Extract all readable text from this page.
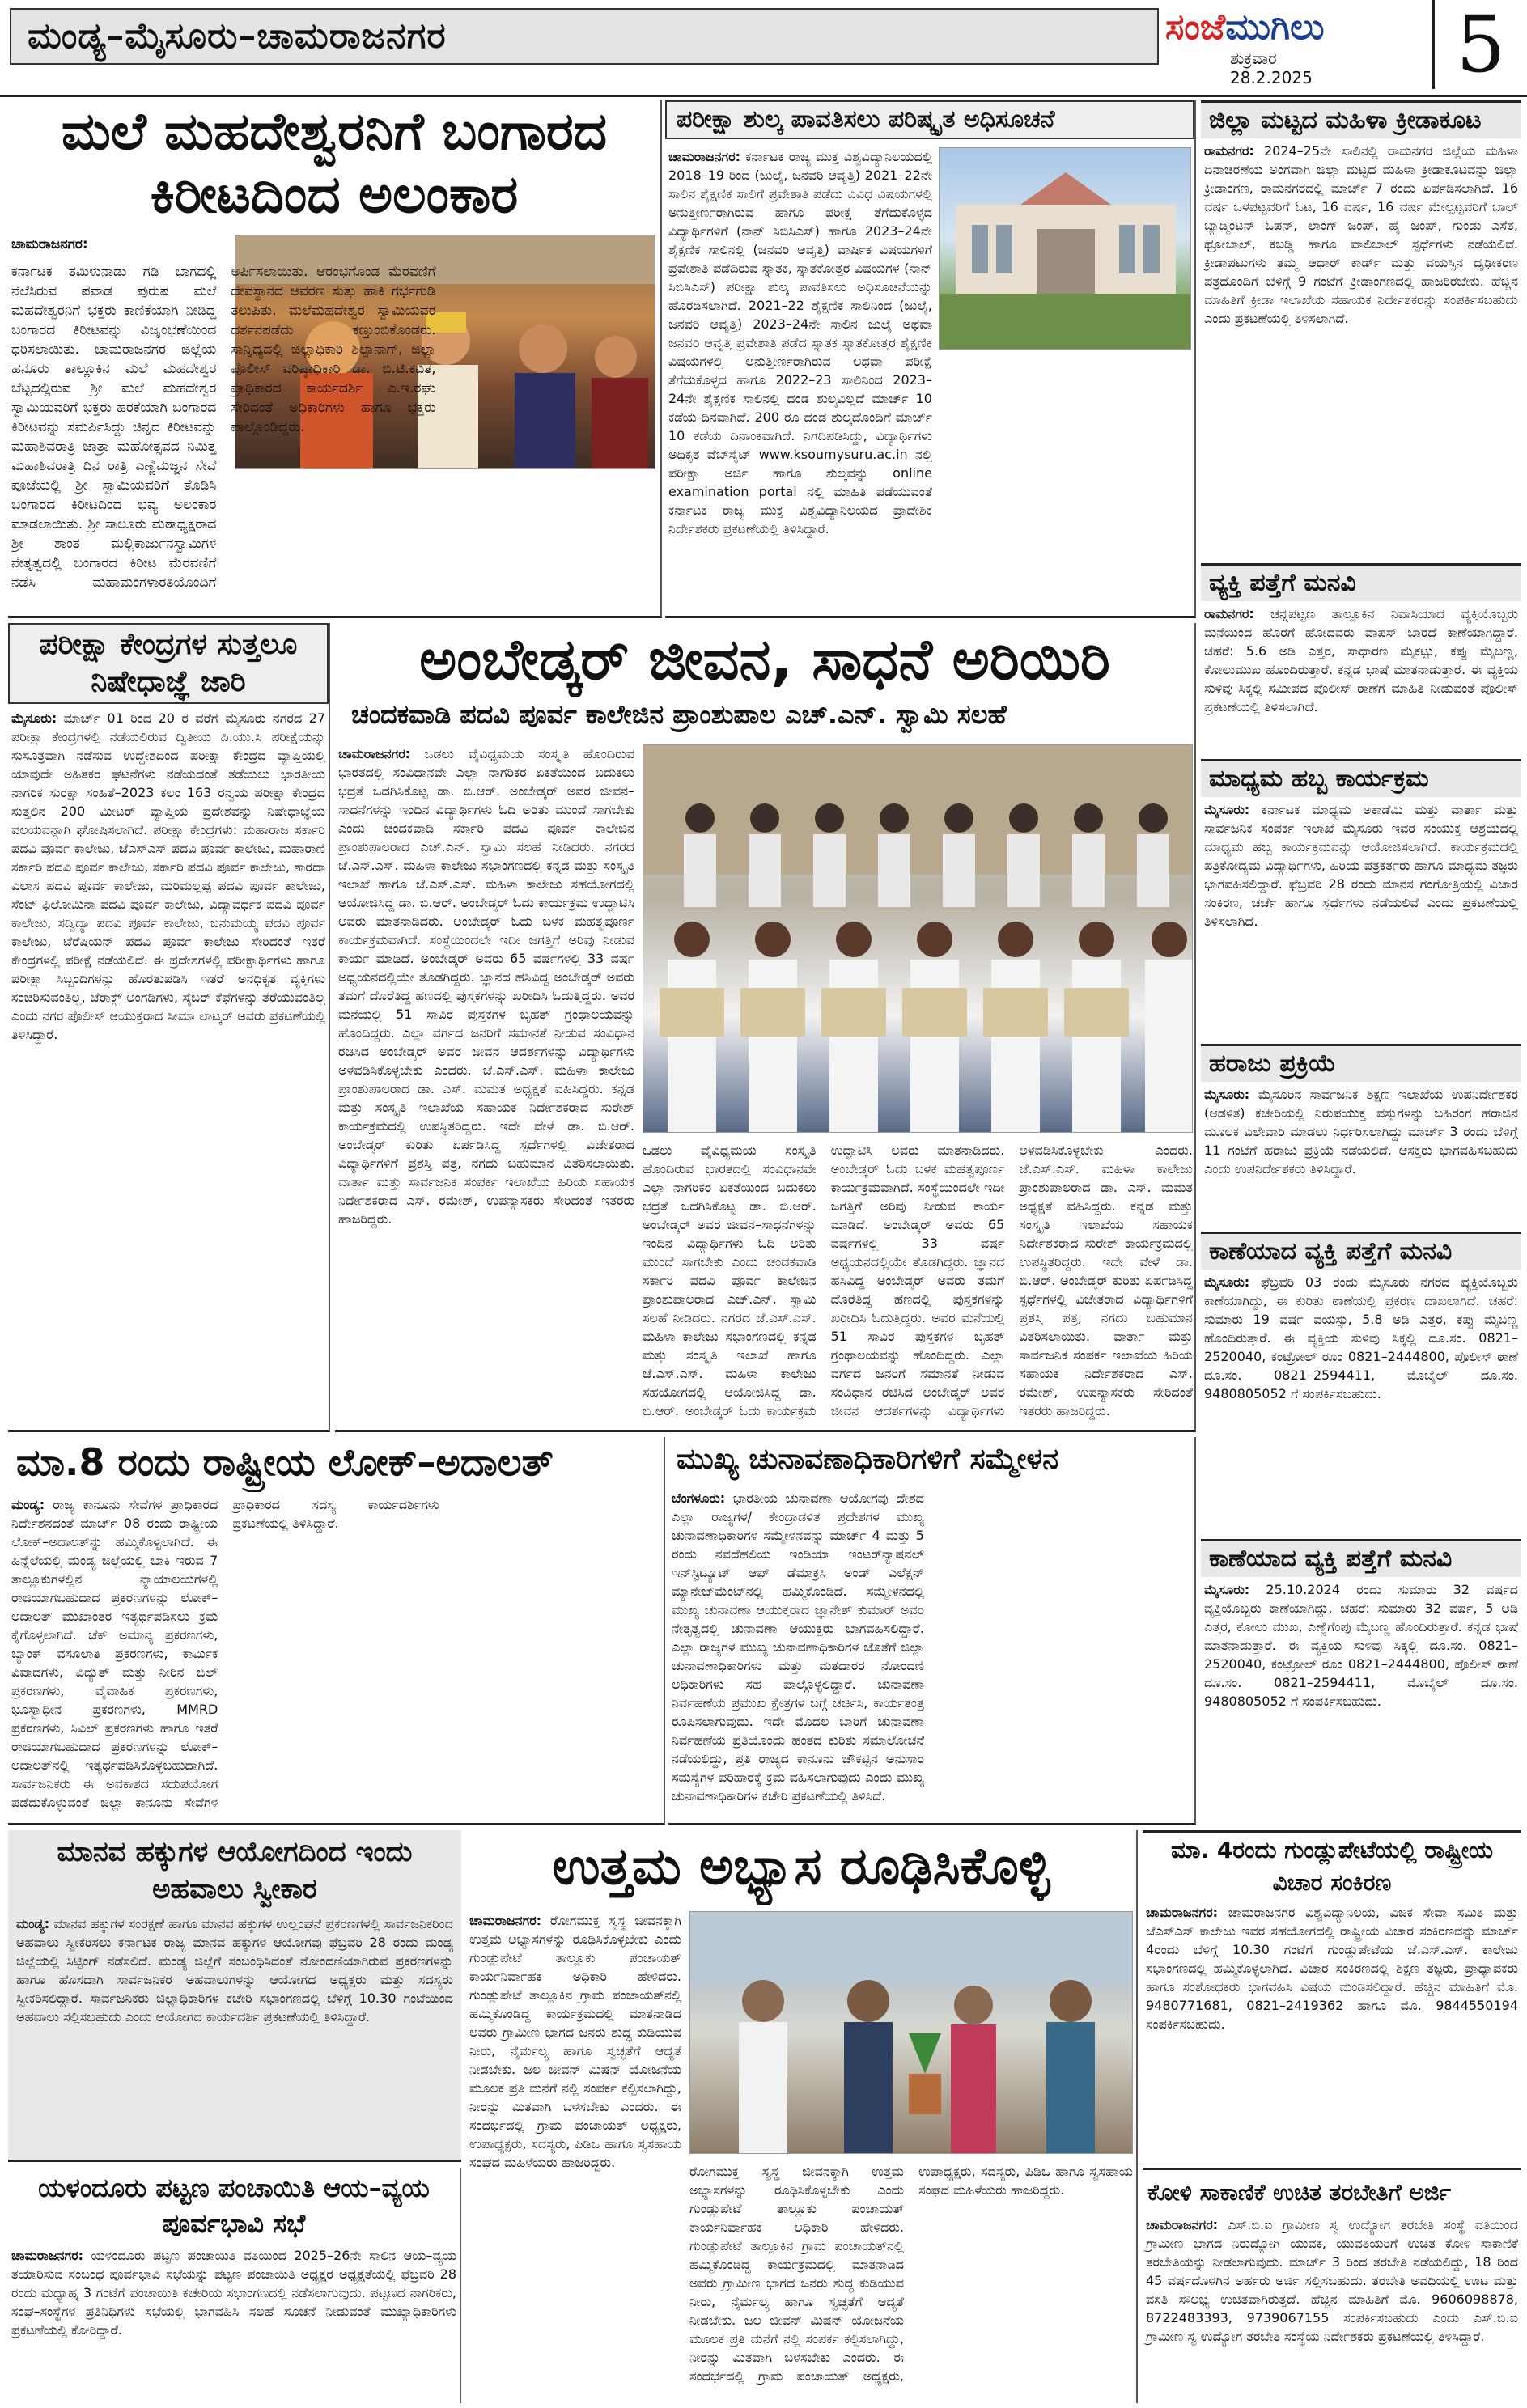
ಮಂಡ್ಯ–ಮೈಸೂರು–ಚಾಮರಾಜನಗರ	ಸಂಜೆಮುಗಿಲು
ಶುಕ್ರವಾರ
28.2.2025	5
ಮಲೆ ಮಹದೇಶ್ವರನಿಗೆ ಬಂಗಾರದ ಕಿರೀಟದಿಂದ ಅಲಂಕಾರ
ಚಾಮರಾಜನಗರ:
ಕರ್ನಾಟಕ ತಮಿಳುನಾಡು ಗಡಿ ಭಾಗದಲ್ಲಿ ನೆಲೆಸಿರುವ ಪವಾಡ ಪುರುಷ ಮಲೆ ಮಹದೇಶ್ವರನಿಗೆ ಭಕ್ತರು ಕಾಣಿಕೆಯಾಗಿ ನೀಡಿದ್ದ ಬಂಗಾರದ ಕಿರೀಟವನ್ನು ವಿಜೃಂಭಣೆಯಿಂದ ಧರಿಸಲಾಯಿತು. ಚಾಮರಾಜನಗರ ಜಿಲ್ಲೆಯ ಹನೂರು ತಾಲ್ಲೂಕಿನ ಮಲೆ ಮಹದೇಶ್ವರ ಬೆಟ್ಟದಲ್ಲಿರುವ ಶ್ರೀ ಮಲೆ ಮಹದೇಶ್ವರ ಸ್ವಾಮಿಯವರಿಗೆ ಭಕ್ತರು ಹರಕೆಯಾಗಿ ಬಂಗಾರದ ಕಿರೀಟವನ್ನು ಸಮರ್ಪಿಸಿದ್ದು ಚಿನ್ನದ ಕಿರೀಟವನ್ನು ಮಹಾಶಿವರಾತ್ರಿ ಜಾತ್ರಾ ಮಹೋತ್ಸವದ ನಿಮಿತ್ತ ಮಹಾಶಿವರಾತ್ರಿ ದಿನ ರಾತ್ರಿ ಎಣ್ಣೆಮಜ್ಜನ ಸೇವೆ ಪೂಜೆಯಲ್ಲಿ ಶ್ರೀ ಸ್ವಾಮಿಯವರಿಗೆ ತೊಡಿಸಿ ಬಂಗಾರದ ಕಿರೀಟದಿಂದ ಭವ್ಯ ಅಲಂಕಾರ ಮಾಡಲಾಯಿತು. ಶ್ರೀ ಸಾಲೂರು ಮಠಾಧ್ಯಕ್ಷರಾದ ಶ್ರೀ ಶಾಂತ ಮಲ್ಲಿಕಾರ್ಜುನಸ್ವಾಮಿಗಳ ನೇತೃತ್ವದಲ್ಲಿ ಬಂಗಾರದ ಕಿರೀಟ ಮೆರವಣಿಗೆ ನಡೆಸಿ ಮಹಾಮಂಗಳಾರತಿಯೊಂದಿಗೆ ಅರ್ಪಿಸಲಾಯಿತು. ಆರಂಭಗೊಂಡ ಮೆರವಣಿಗೆ ದೇವಸ್ಥಾನದ ಆವರಣ ಸುತ್ತು ಹಾಕಿ ಗರ್ಭಗುಡಿ ತಲುಪಿತು. ಮಲೆಮಹದೇಶ್ವರ ಸ್ವಾಮಿಯವರ ದರ್ಶನಪಡೆದು ಕಣ್ತುಂಬಿಕೊಂಡರು. ಸಾನ್ನಿಧ್ಯದಲ್ಲಿ ಜಿಲ್ಲಾಧಿಕಾರಿ ಶಿಲ್ಪಾನಾಗ್, ಜಿಲ್ಲಾ ಪೊಲೀಸ್ ವರಿಷ್ಠಾಧಿಕಾರಿ ಡಾ. ಬಿ.ಟಿ.ಕವಿತ, ಪ್ರಾಧಿಕಾರದ ಕಾರ್ಯದರ್ಶಿ ಎ.ಇ.ರಘು ಸೇರಿದಂತೆ ಅಧಿಕಾರಿಗಳು ಹಾಗೂ ಭಕ್ತರು ಪಾಲ್ಗೊಂಡಿದ್ದರು.
ಪರೀಕ್ಷಾ ಶುಲ್ಕ ಪಾವತಿಸಲು ಪರಿಷ್ಕೃತ ಅಧಿಸೂಚನೆ
ಚಾಮರಾಜನಗರ: ಕರ್ನಾಟಕ ರಾಜ್ಯ ಮುಕ್ತ ವಿಶ್ವವಿದ್ಯಾನಿಲಯದಲ್ಲಿ 2018–19 ರಿಂದ (ಜುಲೈ, ಜನವರಿ ಆವೃತ್ತಿ) 2021–22ನೇ ಸಾಲಿನ ಶೈಕ್ಷಣಿಕ ಸಾಲಿಗೆ ಪ್ರವೇಶಾತಿ ಪಡೆದು ವಿವಿಧ ವಿಷಯಗಳಲ್ಲಿ ಅನುತ್ತೀರ್ಣರಾಗಿರುವ ಹಾಗೂ ಪರೀಕ್ಷೆ ತೆಗೆದುಕೊಳ್ಳದ ವಿದ್ಯಾರ್ಥಿಗಳಿಗೆ (ನಾನ್ ಸಿಬಿಸಿಎಸ್) ಹಾಗೂ 2023–24ನೇ ಶೈಕ್ಷಣಿಕ ಸಾಲಿನಲ್ಲಿ (ಜನವರಿ ಆವೃತ್ತಿ) ವಾರ್ಷಿಕ ವಿಷಯಗಳಿಗೆ ಪ್ರವೇಶಾತಿ ಪಡೆದಿರುವ ಸ್ನಾತಕ, ಸ್ನಾತಕೋತ್ತರ ವಿಷಯಗಳ (ನಾನ್ ಸಿಬಿಸಿಎಸ್) ಪರೀಕ್ಷಾ ಶುಲ್ಕ ಪಾವತಿಸಲು ಅಧಿಸೂಚನೆಯನ್ನು ಹೊರಡಿಸಲಾಗಿದೆ. 2021–22 ಶೈಕ್ಷಣಿಕ ಸಾಲಿನಿಂದ (ಜುಲೈ, ಜನವರಿ ಆವೃತ್ತಿ) 2023–24ನೇ ಸಾಲಿನ ಜುಲೈ ಅಥವಾ ಜನವರಿ ಆವೃತ್ತಿ ಪ್ರವೇಶಾತಿ ಪಡೆದ ಸ್ನಾತಕ ಸ್ನಾತಕೋತ್ತರ ಶೈಕ್ಷಣಿಕ ವಿಷಯಗಳಲ್ಲಿ ಅನುತ್ತೀರ್ಣರಾಗಿರುವ ಅಥವಾ ಪರೀಕ್ಷೆ ತೆಗೆದುಕೊಳ್ಳದ ಹಾಗೂ 2022–23 ಸಾಲಿನಿಂದ 2023–24ನೇ ಶೈಕ್ಷಣಿಕ ಸಾಲಿನಲ್ಲಿ ದಂಡ ಶುಲ್ಕವಿಲ್ಲದೆ ಮಾರ್ಚ್ 10 ಕಡೆಯ ದಿನವಾಗಿದೆ. 200 ರೂ ದಂಡ ಶುಲ್ಕದೊಂದಿಗೆ ಮಾರ್ಚ್ 10 ಕಡೆಯ ದಿನಾಂಕವಾಗಿದೆ. ನಿಗದಿಪಡಿಸಿದ್ದು, ವಿದ್ಯಾರ್ಥಿಗಳು ಅಧಿಕೃತ ವೆಬ್‌ಸೈಟ್ www.ksoumysuru.ac.in ನಲ್ಲಿ ಪರೀಕ್ಷಾ ಅರ್ಜಿ ಹಾಗೂ ಶುಲ್ಕವನ್ನು online examination portal ನಲ್ಲಿ ಮಾಹಿತಿ ಪಡೆಯುವಂತೆ ಕರ್ನಾಟಕ ರಾಜ್ಯ ಮುಕ್ತ ವಿಶ್ವವಿದ್ಯಾನಿಲಯದ ಪ್ರಾದೇಶಿಕ ನಿರ್ದೇಶಕರು ಪ್ರಕಟಣೆಯಲ್ಲಿ ತಿಳಿಸಿದ್ದಾರೆ.
ಜಿಲ್ಲಾ ಮಟ್ಟದ ಮಹಿಳಾ ಕ್ರೀಡಾಕೂಟ
ರಾಮನಗರ: 2024–25ನೇ ಸಾಲಿನಲ್ಲಿ ರಾಮನಗರ ಜಿಲ್ಲೆಯ ಮಹಿಳಾ ದಿನಾಚರಣೆಯ ಅಂಗವಾಗಿ ಜಿಲ್ಲಾ ಮಟ್ಟದ ಮಹಿಳಾ ಕ್ರೀಡಾಕೂಟವನ್ನು ಜಿಲ್ಲಾ ಕ್ರೀಡಾಂಗಣ, ರಾಮನಗರದಲ್ಲಿ ಮಾರ್ಚ್ 7 ರಂದು ಏರ್ಪಡಿಸಲಾಗಿದೆ. 16 ವರ್ಷ ಒಳಪಟ್ಟವರಿಗೆ ಓಟ, 16 ವರ್ಷ, 16 ವರ್ಷ ಮೇಲ್ಪಟ್ಟವರಿಗೆ ಬಾಲ್ ಬ್ಯಾಡ್ಮಿಂಟನ್ ಓಪನ್, ಲಾಂಗ್ ಜಂಪ್, ಹೈ ಜಂಪ್, ಗುಂಡು ಎಸೆತ, ಥ್ರೋಬಾಲ್, ಕಬಡ್ಡಿ ಹಾಗೂ ವಾಲಿಬಾಲ್ ಸ್ಪರ್ಧೆಗಳು ನಡೆಯಲಿವೆ. ಕ್ರೀಡಾಪಟುಗಳು ತಮ್ಮ ಆಧಾರ್ ಕಾರ್ಡ್ ಮತ್ತು ವಯಸ್ಸಿನ ದೃಢೀಕರಣ ಪತ್ರದೊಂದಿಗೆ ಬೆಳಿಗ್ಗೆ 9 ಗಂಟೆಗೆ ಕ್ರೀಡಾಂಗಣದಲ್ಲಿ ಹಾಜರಿರಬೇಕು. ಹೆಚ್ಚಿನ ಮಾಹಿತಿಗೆ ಕ್ರೀಡಾ ಇಲಾಖೆಯ ಸಹಾಯಕ ನಿರ್ದೇಶಕರನ್ನು ಸಂಪರ್ಕಿಸಬಹುದು ಎಂದು ಪ್ರಕಟಣೆಯಲ್ಲಿ ತಿಳಿಸಲಾಗಿದೆ.
ವ್ಯಕ್ತಿ ಪತ್ತೆಗೆ ಮನವಿ
ರಾಮನಗರ: ಚನ್ನಪಟ್ಟಣ ತಾಲ್ಲೂಕಿನ ನಿವಾಸಿಯಾದ ವ್ಯಕ್ತಿಯೊಬ್ಬರು ಮನೆಯಿಂದ ಹೊರಗೆ ಹೋದವರು ವಾಪಸ್ ಬಾರದೆ ಕಾಣೆಯಾಗಿದ್ದಾರೆ. ಚಹರೆ: 5.6 ಅಡಿ ಎತ್ತರ, ಸಾಧಾರಣ ಮೈಕಟ್ಟು, ಕಪ್ಪು ಮೈಬಣ್ಣ, ಕೋಲುಮುಖ ಹೊಂದಿರುತ್ತಾರೆ. ಕನ್ನಡ ಭಾಷೆ ಮಾತನಾಡುತ್ತಾರೆ. ಈ ವ್ಯಕ್ತಿಯ ಸುಳಿವು ಸಿಕ್ಕಲ್ಲಿ ಸಮೀಪದ ಪೊಲೀಸ್ ಠಾಣೆಗೆ ಮಾಹಿತಿ ನೀಡುವಂತೆ ಪೊಲೀಸ್ ಪ್ರಕಟಣೆಯಲ್ಲಿ ತಿಳಿಸಲಾಗಿದೆ.
ಮಾಧ್ಯಮ ಹಬ್ಬ ಕಾರ್ಯಕ್ರಮ
ಮೈಸೂರು: ಕರ್ನಾಟಕ ಮಾಧ್ಯಮ ಅಕಾಡೆಮಿ ಮತ್ತು ವಾರ್ತಾ ಮತ್ತು ಸಾರ್ವಜನಿಕ ಸಂಪರ್ಕ ಇಲಾಖೆ ಮೈಸೂರು ಇವರ ಸಂಯುಕ್ತ ಆಶ್ರಯದಲ್ಲಿ ಮಾಧ್ಯಮ ಹಬ್ಬ ಕಾರ್ಯಕ್ರಮವನ್ನು ಆಯೋಜಿಸಲಾಗಿದೆ. ಕಾರ್ಯಕ್ರಮದಲ್ಲಿ ಪತ್ರಿಕೋದ್ಯಮ ವಿದ್ಯಾರ್ಥಿಗಳು, ಹಿರಿಯ ಪತ್ರಕರ್ತರು ಹಾಗೂ ಮಾಧ್ಯಮ ತಜ್ಞರು ಭಾಗವಹಿಸಲಿದ್ದಾರೆ. ಫೆಬ್ರವರಿ 28 ರಂದು ಮಾನಸ ಗಂಗೋತ್ರಿಯಲ್ಲಿ ವಿಚಾರ ಸಂಕಿರಣ, ಚರ್ಚೆ ಹಾಗೂ ಸ್ಪರ್ಧೆಗಳು ನಡೆಯಲಿವೆ ಎಂದು ಪ್ರಕಟಣೆಯಲ್ಲಿ ತಿಳಿಸಲಾಗಿದೆ.
ಹರಾಜು ಪ್ರಕ್ರಿಯೆ
ಮೈಸೂರು: ಮೈಸೂರಿನ ಸಾರ್ವಜನಿಕ ಶಿಕ್ಷಣ ಇಲಾಖೆಯ ಉಪನಿರ್ದೇಶಕರ (ಆಡಳಿತ) ಕಚೇರಿಯಲ್ಲಿ ನಿರುಪಯುಕ್ತ ವಸ್ತುಗಳನ್ನು ಬಹಿರಂಗ ಹರಾಜಿನ ಮೂಲಕ ವಿಲೇವಾರಿ ಮಾಡಲು ನಿರ್ಧರಿಸಲಾಗಿದ್ದು ಮಾರ್ಚ್ 3 ರಂದು ಬೆಳಿಗ್ಗೆ 11 ಗಂಟೆಗೆ ಹರಾಜು ಪ್ರಕ್ರಿಯೆ ನಡೆಯಲಿದೆ. ಆಸಕ್ತರು ಭಾಗವಹಿಸಬಹುದು ಎಂದು ಉಪನಿರ್ದೇಶಕರು ತಿಳಿಸಿದ್ದಾರೆ.
ಕಾಣೆಯಾದ ವ್ಯಕ್ತಿ ಪತ್ತೆಗೆ ಮನವಿ
ಮೈಸೂರು: ಫೆಬ್ರವರಿ 03 ರಂದು ಮೈಸೂರು ನಗರದ ವ್ಯಕ್ತಿಯೊಬ್ಬರು ಕಾಣೆಯಾಗಿದ್ದು, ಈ ಕುರಿತು ಠಾಣೆಯಲ್ಲಿ ಪ್ರಕರಣ ದಾಖಲಾಗಿದೆ. ಚಹರೆ: ಸುಮಾರು 19 ವರ್ಷ ವಯಸ್ಸು, 5.8 ಅಡಿ ಎತ್ತರ, ಕಪ್ಪು ಮೈಬಣ್ಣ ಹೊಂದಿರುತ್ತಾರೆ. ಈ ವ್ಯಕ್ತಿಯ ಸುಳಿವು ಸಿಕ್ಕಲ್ಲಿ ದೂ.ಸಂ. 0821–2520040, ಕಂಟ್ರೋಲ್ ರೂಂ 0821–2444800, ಪೊಲೀಸ್ ಠಾಣೆ ದೂ.ಸಂ. 0821–2594411, ಮೊಬೈಲ್ ದೂ.ಸಂ. 9480805052 ಗೆ ಸಂಪರ್ಕಿಸಬಹುದು.
ಕಾಣೆಯಾದ ವ್ಯಕ್ತಿ ಪತ್ತೆಗೆ ಮನವಿ
ಮೈಸೂರು: 25.10.2024 ರಂದು ಸುಮಾರು 32 ವರ್ಷದ ವ್ಯಕ್ತಿಯೊಬ್ಬರು ಕಾಣೆಯಾಗಿದ್ದು, ಚಹರೆ: ಸುಮಾರು 32 ವರ್ಷ, 5 ಅಡಿ ಎತ್ತರ, ಕೋಲು ಮುಖ, ಎಣ್ಣೆಗೆಂಪು ಮೈಬಣ್ಣ ಹೊಂದಿರುತ್ತಾರೆ. ಕನ್ನಡ ಭಾಷೆ ಮಾತನಾಡುತ್ತಾರೆ. ಈ ವ್ಯಕ್ತಿಯ ಸುಳಿವು ಸಿಕ್ಕಲ್ಲಿ ದೂ.ಸಂ. 0821–2520040, ಕಂಟ್ರೋಲ್ ರೂಂ 0821–2444800, ಪೊಲೀಸ್ ಠಾಣೆ ದೂ.ಸಂ. 0821–2594411, ಮೊಬೈಲ್ ದೂ.ಸಂ. 9480805052 ಗೆ ಸಂಪರ್ಕಿಸಬಹುದು.
ಪರೀಕ್ಷಾ ಕೇಂದ್ರಗಳ ಸುತ್ತಲೂ ನಿಷೇಧಾಜ್ಞೆ ಜಾರಿ
ಮೈಸೂರು: ಮಾರ್ಚ್ 01 ರಿಂದ 20 ರ ವರೆಗೆ ಮೈಸೂರು ನಗರದ 27 ಪರೀಕ್ಷಾ ಕೇಂದ್ರಗಳಲ್ಲಿ ನಡೆಯಲಿರುವ ದ್ವಿತೀಯ ಪಿ.ಯು.ಸಿ ಪರೀಕ್ಷೆಯನ್ನು ಸುಸೂತ್ರವಾಗಿ ನಡೆಸುವ ಉದ್ದೇಶದಿಂದ ಪರೀಕ್ಷಾ ಕೇಂದ್ರದ ವ್ಯಾಪ್ತಿಯಲ್ಲಿ ಯಾವುದೇ ಅಹಿತಕರ ಘಟನೆಗಳು ನಡೆಯದಂತೆ ತಡೆಯಲು ಭಾರತೀಯ ನಾಗರಿಕ ಸುರಕ್ಷಾ ಸಂಹಿತೆ–2023 ಕಲಂ 163 ರನ್ವಯ ಪರೀಕ್ಷಾ ಕೇಂದ್ರದ ಸುತ್ತಲಿನ 200 ಮೀಟರ್ ವ್ಯಾಪ್ತಿಯ ಪ್ರದೇಶವನ್ನು ನಿಷೇಧಾಜ್ಞೆಯ ವಲಯವನ್ನಾಗಿ ಘೋಷಿಸಲಾಗಿದೆ. ಪರೀಕ್ಷಾ ಕೇಂದ್ರಗಳು: ಮಹಾರಾಜ ಸರ್ಕಾರಿ ಪದವಿ ಪೂರ್ವ ಕಾಲೇಜು, ಜೆಎಸ್‌ಎಸ್ ಪದವಿ ಪೂರ್ವ ಕಾಲೇಜು, ಮಹಾರಾಣಿ ಸರ್ಕಾರಿ ಪದವಿ ಪೂರ್ವ ಕಾಲೇಜು, ಸರ್ಕಾರಿ ಪದವಿ ಪೂರ್ವ ಕಾಲೇಜು, ಶಾರದಾ ವಿಲಾಸ ಪದವಿ ಪೂರ್ವ ಕಾಲೇಜು, ಮರಿಮಲ್ಲಪ್ಪ ಪದವಿ ಪೂರ್ವ ಕಾಲೇಜು, ಸೆಂಟ್ ಫಿಲೋಮಿನಾ ಪದವಿ ಪೂರ್ವ ಕಾಲೇಜು, ವಿದ್ಯಾವರ್ಧಕ ಪದವಿ ಪೂರ್ವ ಕಾಲೇಜು, ಸದ್ವಿದ್ಯಾ ಪದವಿ ಪೂರ್ವ ಕಾಲೇಜು, ಬನುಮಯ್ಯ ಪದವಿ ಪೂರ್ವ ಕಾಲೇಜು, ಟೆರೆಷಿಯನ್ ಪದವಿ ಪೂರ್ವ ಕಾಲೇಜು ಸೇರಿದಂತೆ ಇತರೆ ಕೇಂದ್ರಗಳಲ್ಲಿ ಪರೀಕ್ಷೆ ನಡೆಯಲಿದೆ. ಈ ಪ್ರದೇಶಗಳಲ್ಲಿ ಪರೀಕ್ಷಾರ್ಥಿಗಳು ಹಾಗೂ ಪರೀಕ್ಷಾ ಸಿಬ್ಬಂದಿಗಳನ್ನು ಹೊರತುಪಡಿಸಿ ಇತರೆ ಅನಧಿಕೃತ ವ್ಯಕ್ತಿಗಳು ಸಂಚರಿಸುವಂತಿಲ್ಲ, ಜೆರಾಕ್ಸ್ ಅಂಗಡಿಗಳು, ಸೈಬರ್ ಕೆಫೆಗಳನ್ನು ತೆರೆಯುವಂತಿಲ್ಲ ಎಂದು ನಗರ ಪೊಲೀಸ್ ಆಯುಕ್ತರಾದ ಸೀಮಾ ಲಾಟ್ಕರ್ ಅವರು ಪ್ರಕಟಣೆಯಲ್ಲಿ ತಿಳಿಸಿದ್ದಾರೆ.
ಅಂಬೇಡ್ಕರ್ ಜೀವನ, ಸಾಧನೆ ಅರಿಯಿರಿ
ಚಂದಕವಾಡಿ ಪದವಿ ಪೂರ್ವ ಕಾಲೇಜಿನ ಪ್ರಾಂಶುಪಾಲ ಎಚ್.ಎನ್. ಸ್ವಾಮಿ ಸಲಹೆ
ಚಾಮರಾಜನಗರ: ಒಡಲು ವೈವಿಧ್ಯಮಯ ಸಂಸ್ಕೃತಿ ಹೊಂದಿರುವ ಭಾರತದಲ್ಲಿ ಸಂವಿಧಾನವೇ ಎಲ್ಲಾ ನಾಗರಿಕರ ಏಕತೆಯಿಂದ ಬದುಕಲು ಭದ್ರತೆ ಒದಗಿಸಿಕೊಟ್ಟ ಡಾ. ಬಿ.ಆರ್. ಅಂಬೇಡ್ಕರ್ ಅವರ ಜೀವನ–ಸಾಧನೆಗಳನ್ನು ಇಂದಿನ ವಿದ್ಯಾರ್ಥಿಗಳು ಓದಿ ಅರಿತು ಮುಂದೆ ಸಾಗಬೇಕು ಎಂದು ಚಂದಕವಾಡಿ ಸರ್ಕಾರಿ ಪದವಿ ಪೂರ್ವ ಕಾಲೇಜಿನ ಪ್ರಾಂಶುಪಾಲರಾದ ಎಚ್.ಎನ್. ಸ್ವಾಮಿ ಸಲಹೆ ನೀಡಿದರು. ನಗರದ ಜೆ.ಎಸ್.ಎಸ್. ಮಹಿಳಾ ಕಾಲೇಜು ಸಭಾಂಗಣದಲ್ಲಿ ಕನ್ನಡ ಮತ್ತು ಸಂಸ್ಕೃತಿ ಇಲಾಖೆ ಹಾಗೂ ಜೆ.ಎಸ್.ಎಸ್. ಮಹಿಳಾ ಕಾಲೇಜು ಸಹಯೋಗದಲ್ಲಿ ಆಯೋಜಿಸಿದ್ದ ಡಾ. ಬಿ.ಆರ್. ಅಂಬೇಡ್ಕರ್ ಓದು ಕಾರ್ಯಕ್ರಮ ಉದ್ಘಾಟಿಸಿ ಅವರು ಮಾತನಾಡಿದರು. ಅಂಬೇಡ್ಕರ್ ಓದು ಬಳಕ ಮಹತ್ವಪೂರ್ಣ ಕಾರ್ಯಕ್ರಮವಾಗಿದೆ. ಸಂಸ್ಥೆಯಿಂದಲೇ ಇದೀ ಜಗತ್ತಿಗೆ ಅರಿವು ನೀಡುವ ಕಾರ್ಯ ಮಾಡಿದೆ. ಅಂಬೇಡ್ಕರ್ ಅವರು 65 ವರ್ಷಗಳಲ್ಲಿ 33 ವರ್ಷ ಅಧ್ಯಯನದಲ್ಲಿಯೇ ತೊಡಗಿದ್ದರು. ಜ್ಞಾನದ ಹಸಿವಿದ್ದ ಅಂಬೇಡ್ಕರ್ ಅವರು ತಮಗೆ ದೊರೆತಿದ್ದ ಹಣದಲ್ಲಿ ಪುಸ್ತಕಗಳನ್ನು ಖರೀದಿಸಿ ಓದುತ್ತಿದ್ದರು. ಅವರ ಮನೆಯಲ್ಲಿ 51 ಸಾವಿರ ಪುಸ್ತಕಗಳ ಬೃಹತ್ ಗ್ರಂಥಾಲಯವನ್ನು ಹೊಂದಿದ್ದರು. ಎಲ್ಲಾ ವರ್ಗದ ಜನರಿಗೆ ಸಮಾನತೆ ನೀಡುವ ಸಂವಿಧಾನ ರಚಿಸಿದ ಅಂಬೇಡ್ಕರ್ ಅವರ ಜೀವನ ಆದರ್ಶಗಳನ್ನು ವಿದ್ಯಾರ್ಥಿಗಳು ಅಳವಡಿಸಿಕೊಳ್ಳಬೇಕು ಎಂದರು. ಜೆ.ಎಸ್.ಎಸ್. ಮಹಿಳಾ ಕಾಲೇಜು ಪ್ರಾಂಶುಪಾಲರಾದ ಡಾ. ಎಸ್. ಮಮತ ಅಧ್ಯಕ್ಷತೆ ವಹಿಸಿದ್ದರು. ಕನ್ನಡ ಮತ್ತು ಸಂಸ್ಕೃತಿ ಇಲಾಖೆಯ ಸಹಾಯಕ ನಿರ್ದೇಶಕರಾದ ಸುರೇಶ್ ಕಾರ್ಯಕ್ರಮದಲ್ಲಿ ಉಪಸ್ಥಿತರಿದ್ದರು. ಇದೇ ವೇಳೆ ಡಾ. ಬಿ.ಆರ್. ಅಂಬೇಡ್ಕರ್ ಕುರಿತು ಏರ್ಪಡಿಸಿದ್ದ ಸ್ಪರ್ಧೆಗಳಲ್ಲಿ ವಿಜೇತರಾದ ವಿದ್ಯಾರ್ಥಿಗಳಿಗೆ ಪ್ರಶಸ್ತಿ ಪತ್ರ, ನಗದು ಬಹುಮಾನ ವಿತರಿಸಲಾಯಿತು. ವಾರ್ತಾ ಮತ್ತು ಸಾರ್ವಜನಿಕ ಸಂಪರ್ಕ ಇಲಾಖೆಯ ಹಿರಿಯ ಸಹಾಯಕ ನಿರ್ದೇಶಕರಾದ ಎಸ್. ರಮೇಶ್, ಉಪನ್ಯಾಸಕರು ಸೇರಿದಂತೆ ಇತರರು ಹಾಜರಿದ್ದರು.
ಒಡಲು ವೈವಿಧ್ಯಮಯ ಸಂಸ್ಕೃತಿ ಹೊಂದಿರುವ ಭಾರತದಲ್ಲಿ ಸಂವಿಧಾನವೇ ಎಲ್ಲಾ ನಾಗರಿಕರ ಏಕತೆಯಿಂದ ಬದುಕಲು ಭದ್ರತೆ ಒದಗಿಸಿಕೊಟ್ಟ ಡಾ. ಬಿ.ಆರ್. ಅಂಬೇಡ್ಕರ್ ಅವರ ಜೀವನ–ಸಾಧನೆಗಳನ್ನು ಇಂದಿನ ವಿದ್ಯಾರ್ಥಿಗಳು ಓದಿ ಅರಿತು ಮುಂದೆ ಸಾಗಬೇಕು ಎಂದು ಚಂದಕವಾಡಿ ಸರ್ಕಾರಿ ಪದವಿ ಪೂರ್ವ ಕಾಲೇಜಿನ ಪ್ರಾಂಶುಪಾಲರಾದ ಎಚ್.ಎನ್. ಸ್ವಾಮಿ ಸಲಹೆ ನೀಡಿದರು. ನಗರದ ಜೆ.ಎಸ್.ಎಸ್. ಮಹಿಳಾ ಕಾಲೇಜು ಸಭಾಂಗಣದಲ್ಲಿ ಕನ್ನಡ ಮತ್ತು ಸಂಸ್ಕೃತಿ ಇಲಾಖೆ ಹಾಗೂ ಜೆ.ಎಸ್.ಎಸ್. ಮಹಿಳಾ ಕಾಲೇಜು ಸಹಯೋಗದಲ್ಲಿ ಆಯೋಜಿಸಿದ್ದ ಡಾ. ಬಿ.ಆರ್. ಅಂಬೇಡ್ಕರ್ ಓದು ಕಾರ್ಯಕ್ರಮ ಉದ್ಘಾಟಿಸಿ ಅವರು ಮಾತನಾಡಿದರು. ಅಂಬೇಡ್ಕರ್ ಓದು ಬಳಕ ಮಹತ್ವಪೂರ್ಣ ಕಾರ್ಯಕ್ರಮವಾಗಿದೆ. ಸಂಸ್ಥೆಯಿಂದಲೇ ಇದೀ ಜಗತ್ತಿಗೆ ಅರಿವು ನೀಡುವ ಕಾರ್ಯ ಮಾಡಿದೆ. ಅಂಬೇಡ್ಕರ್ ಅವರು 65 ವರ್ಷಗಳಲ್ಲಿ 33 ವರ್ಷ ಅಧ್ಯಯನದಲ್ಲಿಯೇ ತೊಡಗಿದ್ದರು. ಜ್ಞಾನದ ಹಸಿವಿದ್ದ ಅಂಬೇಡ್ಕರ್ ಅವರು ತಮಗೆ ದೊರೆತಿದ್ದ ಹಣದಲ್ಲಿ ಪುಸ್ತಕಗಳನ್ನು ಖರೀದಿಸಿ ಓದುತ್ತಿದ್ದರು. ಅವರ ಮನೆಯಲ್ಲಿ 51 ಸಾವಿರ ಪುಸ್ತಕಗಳ ಬೃಹತ್ ಗ್ರಂಥಾಲಯವನ್ನು ಹೊಂದಿದ್ದರು. ಎಲ್ಲಾ ವರ್ಗದ ಜನರಿಗೆ ಸಮಾನತೆ ನೀಡುವ ಸಂವಿಧಾನ ರಚಿಸಿದ ಅಂಬೇಡ್ಕರ್ ಅವರ ಜೀವನ ಆದರ್ಶಗಳನ್ನು ವಿದ್ಯಾರ್ಥಿಗಳು ಅಳವಡಿಸಿಕೊಳ್ಳಬೇಕು ಎಂದರು. ಜೆ.ಎಸ್.ಎಸ್. ಮಹಿಳಾ ಕಾಲೇಜು ಪ್ರಾಂಶುಪಾಲರಾದ ಡಾ. ಎಸ್. ಮಮತ ಅಧ್ಯಕ್ಷತೆ ವಹಿಸಿದ್ದರು. ಕನ್ನಡ ಮತ್ತು ಸಂಸ್ಕೃತಿ ಇಲಾಖೆಯ ಸಹಾಯಕ ನಿರ್ದೇಶಕರಾದ ಸುರೇಶ್ ಕಾರ್ಯಕ್ರಮದಲ್ಲಿ ಉಪಸ್ಥಿತರಿದ್ದರು. ಇದೇ ವೇಳೆ ಡಾ. ಬಿ.ಆರ್. ಅಂಬೇಡ್ಕರ್ ಕುರಿತು ಏರ್ಪಡಿಸಿದ್ದ ಸ್ಪರ್ಧೆಗಳಲ್ಲಿ ವಿಜೇತರಾದ ವಿದ್ಯಾರ್ಥಿಗಳಿಗೆ ಪ್ರಶಸ್ತಿ ಪತ್ರ, ನಗದು ಬಹುಮಾನ ವಿತರಿಸಲಾಯಿತು. ವಾರ್ತಾ ಮತ್ತು ಸಾರ್ವಜನಿಕ ಸಂಪರ್ಕ ಇಲಾಖೆಯ ಹಿರಿಯ ಸಹಾಯಕ ನಿರ್ದೇಶಕರಾದ ಎಸ್. ರಮೇಶ್, ಉಪನ್ಯಾಸಕರು ಸೇರಿದಂತೆ ಇತರರು ಹಾಜರಿದ್ದರು.
ಮಾ.8 ರಂದು ರಾಷ್ಟ್ರೀಯ ಲೋಕ್–ಅದಾಲತ್
ಮಂಡ್ಯ: ರಾಜ್ಯ ಕಾನೂನು ಸೇವೆಗಳ ಪ್ರಾಧಿಕಾರದ ನಿರ್ದೇಶನದಂತೆ ಮಾರ್ಚ್ 08 ರಂದು ರಾಷ್ಟ್ರೀಯ ಲೋಕ್–ಅದಾಲತ್‌ನ್ನು ಹಮ್ಮಿಕೊಳ್ಳಲಾಗಿದೆ. ಈ ಹಿನ್ನೆಲೆಯಲ್ಲಿ ಮಂಡ್ಯ ಜಿಲ್ಲೆಯಲ್ಲಿ ಬಾಕಿ ಇರುವ 7 ತಾಲ್ಲೂಕುಗಳಲ್ಲಿನ ನ್ಯಾಯಾಲಯಗಳಲ್ಲಿ ರಾಜಿಯಾಗಬಹುದಾದ ಪ್ರಕರಣಗಳನ್ನು ಲೋಕ್–ಅದಾಲತ್ ಮುಖಾಂತರ ಇತ್ಯರ್ಥಪಡಿಸಲು ಕ್ರಮ ಕೈಗೊಳ್ಳಲಾಗಿದೆ. ಚೆಕ್ ಅಮಾನ್ಯ ಪ್ರಕರಣಗಳು, ಬ್ಯಾಂಕ್ ವಸೂಲಾತಿ ಪ್ರಕರಣಗಳು, ಕಾರ್ಮಿಕ ವಿವಾದಗಳು, ವಿದ್ಯುತ್ ಮತ್ತು ನೀರಿನ ಬಿಲ್ ಪ್ರಕರಣಗಳು, ವೈವಾಹಿಕ ಪ್ರಕರಣಗಳು, ಭೂಸ್ವಾಧೀನ ಪ್ರಕರಣಗಳು, MMRD ಪ್ರಕರಣಗಳು, ಸಿವಿಲ್ ಪ್ರಕರಣಗಳು ಹಾಗೂ ಇತರೆ ರಾಜಿಯಾಗಬಹುದಾದ ಪ್ರಕರಣಗಳನ್ನು ಲೋಕ್–ಅದಾಲತ್‌ನಲ್ಲಿ ಇತ್ಯರ್ಥಪಡಿಸಿಕೊಳ್ಳಬಹುದಾಗಿದೆ. ಸಾರ್ವಜನಿಕರು ಈ ಅವಕಾಶದ ಸದುಪಯೋಗ ಪಡೆದುಕೊಳ್ಳುವಂತೆ ಜಿಲ್ಲಾ ಕಾನೂನು ಸೇವೆಗಳ ಪ್ರಾಧಿಕಾರದ ಸದಸ್ಯ ಕಾರ್ಯದರ್ಶಿಗಳು ಪ್ರಕಟಣೆಯಲ್ಲಿ ತಿಳಿಸಿದ್ದಾರೆ.
ಮುಖ್ಯ ಚುನಾವಣಾಧಿಕಾರಿಗಳಿಗೆ ಸಮ್ಮೇಳನ
ಬೆಂಗಳೂರು: ಭಾರತೀಯ ಚುನಾವಣಾ ಆಯೋಗವು ದೇಶದ ಎಲ್ಲಾ ರಾಜ್ಯಗಳ/ ಕೇಂದ್ರಾಡಳಿತ ಪ್ರದೇಶಗಳ ಮುಖ್ಯ ಚುನಾವಣಾಧಿಕಾರಿಗಳ ಸಮ್ಮೇಳನವನ್ನು ಮಾರ್ಚ್ 4 ಮತ್ತು 5 ರಂದು ನವದೆಹಲಿಯ ಇಂಡಿಯಾ ಇಂಟರ್‌ನ್ಯಾಷನಲ್ ಇನ್‌ಸ್ಟಿಟ್ಯೂಟ್ ಆಫ್ ಡೆಮಾಕ್ರಸಿ ಅಂಡ್ ಎಲೆಕ್ಷನ್ ಮ್ಯಾನೇಜ್‌ಮೆಂಟ್‌ನಲ್ಲಿ ಹಮ್ಮಿಕೊಂಡಿದೆ. ಸಮ್ಮೇಳನದಲ್ಲಿ ಮುಖ್ಯ ಚುನಾವಣಾ ಆಯುಕ್ತರಾದ ಜ್ಞಾನೇಶ್ ಕುಮಾರ್ ಅವರ ನೇತೃತ್ವದಲ್ಲಿ ಚುನಾವಣಾ ಆಯುಕ್ತರು ಭಾಗವಹಿಸಲಿದ್ದಾರೆ. ಎಲ್ಲಾ ರಾಜ್ಯಗಳ ಮುಖ್ಯ ಚುನಾವಣಾಧಿಕಾರಿಗಳ ಜೊತೆಗೆ ಜಿಲ್ಲಾ ಚುನಾವಣಾಧಿಕಾರಿಗಳು ಮತ್ತು ಮತದಾರರ ನೋಂದಣಿ ಅಧಿಕಾರಿಗಳು ಸಹ ಪಾಲ್ಗೊಳ್ಳಲಿದ್ದಾರೆ. ಚುನಾವಣಾ ನಿರ್ವಹಣೆಯ ಪ್ರಮುಖ ಕ್ಷೇತ್ರಗಳ ಬಗ್ಗೆ ಚರ್ಚಿಸಿ, ಕಾರ್ಯತಂತ್ರ ರೂಪಿಸಲಾಗುವುದು. ಇದೇ ಮೊದಲ ಬಾರಿಗೆ ಚುನಾವಣಾ ನಿರ್ವಹಣೆಯ ಪ್ರತಿಯೊಂದು ಹಂತದ ಕುರಿತು ಸಮಾಲೋಚನೆ ನಡೆಯಲಿದ್ದು, ಪ್ರತಿ ರಾಜ್ಯದ ಕಾನೂನು ಚೌಕಟ್ಟಿನ ಅನುಸಾರ ಸಮಸ್ಯೆಗಳ ಪರಿಹಾರಕ್ಕೆ ಕ್ರಮ ವಹಿಸಲಾಗುವುದು ಎಂದು ಮುಖ್ಯ ಚುನಾವಣಾಧಿಕಾರಿಗಳ ಕಚೇರಿ ಪ್ರಕಟಣೆಯಲ್ಲಿ ತಿಳಿಸಿದೆ.
ಮಾನವ ಹಕ್ಕುಗಳ ಆಯೋಗದಿಂದ ಇಂದು ಅಹವಾಲು ಸ್ವೀಕಾರ
ಮಂಡ್ಯ: ಮಾನವ ಹಕ್ಕುಗಳ ಸಂರಕ್ಷಣೆ ಹಾಗೂ ಮಾನವ ಹಕ್ಕುಗಳ ಉಲ್ಲಂಘನೆ ಪ್ರಕರಣಗಳಲ್ಲಿ ಸಾರ್ವಜನಿಕರಿಂದ ಅಹವಾಲು ಸ್ವೀಕರಿಸಲು ಕರ್ನಾಟಕ ರಾಜ್ಯ ಮಾನವ ಹಕ್ಕುಗಳ ಆಯೋಗವು ಫೆಬ್ರವರಿ 28 ರಂದು ಮಂಡ್ಯ ಜಿಲ್ಲೆಯಲ್ಲಿ ಸಿಟ್ಟಿಂಗ್ ನಡೆಸಲಿದೆ. ಮಂಡ್ಯ ಜಿಲ್ಲೆಗೆ ಸಂಬಂಧಿಸಿದಂತೆ ನೋಂದಣಿಯಾಗಿರುವ ಪ್ರಕರಣಗಳನ್ನು ಹಾಗೂ ಹೊಸದಾಗಿ ಸಾರ್ವಜನಿಕರ ಅಹವಾಲುಗಳನ್ನು ಆಯೋಗದ ಅಧ್ಯಕ್ಷರು ಮತ್ತು ಸದಸ್ಯರು ಸ್ವೀಕರಿಸಲಿದ್ದಾರೆ. ಸಾರ್ವಜನಿಕರು ಜಿಲ್ಲಾಧಿಕಾರಿಗಳ ಕಚೇರಿ ಸಭಾಂಗಣದಲ್ಲಿ ಬೆಳಿಗ್ಗೆ 10.30 ಗಂಟೆಯಿಂದ ಅಹವಾಲು ಸಲ್ಲಿಸಬಹುದು ಎಂದು ಆಯೋಗದ ಕಾರ್ಯದರ್ಶಿ ಪ್ರಕಟಣೆಯಲ್ಲಿ ತಿಳಿಸಿದ್ದಾರೆ.
ಯಳಂದೂರು ಪಟ್ಟಣ ಪಂಚಾಯಿತಿ ಆಯ–ವ್ಯಯ ಪೂರ್ವಭಾವಿ ಸಭೆ
ಚಾಮರಾಜನಗರ: ಯಳಂದೂರು ಪಟ್ಟಣ ಪಂಚಾಯಿತಿ ವತಿಯಿಂದ 2025–26ನೇ ಸಾಲಿನ ಆಯ–ವ್ಯಯ ತಯಾರಿಸುವ ಸಂಬಂಧ ಪೂರ್ವಭಾವಿ ಸಭೆಯನ್ನು ಪಟ್ಟಣ ಪಂಚಾಯಿತಿ ಅಧ್ಯಕ್ಷರ ಅಧ್ಯಕ್ಷತೆಯಲ್ಲಿ ಫೆಬ್ರವರಿ 28 ರಂದು ಮಧ್ಯಾಹ್ನ 3 ಗಂಟೆಗೆ ಪಂಚಾಯಿತಿ ಕಚೇರಿಯ ಸಭಾಂಗಣದಲ್ಲಿ ನಡೆಸಲಾಗುವುದು. ಪಟ್ಟಣದ ನಾಗರಿಕರು, ಸಂಘ–ಸಂಸ್ಥೆಗಳ ಪ್ರತಿನಿಧಿಗಳು ಸಭೆಯಲ್ಲಿ ಭಾಗವಹಿಸಿ ಸಲಹೆ ಸೂಚನೆ ನೀಡುವಂತೆ ಮುಖ್ಯಾಧಿಕಾರಿಗಳು ಪ್ರಕಟಣೆಯಲ್ಲಿ ಕೋರಿದ್ದಾರೆ.
ಉತ್ತಮ ಅಭ್ಯಾಸ ರೂಢಿಸಿಕೊಳ್ಳಿ
ಚಾಮರಾಜನಗರ: ರೋಗಮುಕ್ತ ಸ್ವಸ್ಥ ಜೀವನಕ್ಕಾಗಿ ಉತ್ತಮ ಅಭ್ಯಾಸಗಳನ್ನು ರೂಢಿಸಿಕೊಳ್ಳಬೇಕು ಎಂದು ಗುಂಡ್ಲುಪೇಟೆ ತಾಲ್ಲೂಕು ಪಂಚಾಯತ್ ಕಾರ್ಯನಿರ್ವಾಹಕ ಅಧಿಕಾರಿ ಹೇಳಿದರು. ಗುಂಡ್ಲುಪೇಟೆ ತಾಲ್ಲೂಕಿನ ಗ್ರಾಮ ಪಂಚಾಯತ್‌ನಲ್ಲಿ ಹಮ್ಮಿಕೊಂಡಿದ್ದ ಕಾರ್ಯಕ್ರಮದಲ್ಲಿ ಮಾತನಾಡಿದ ಅವರು ಗ್ರಾಮೀಣ ಭಾಗದ ಜನರು ಶುದ್ಧ ಕುಡಿಯುವ ನೀರು, ನೈರ್ಮಲ್ಯ ಹಾಗೂ ಸ್ವಚ್ಛತೆಗೆ ಆದ್ಯತೆ ನೀಡಬೇಕು. ಜಲ ಜೀವನ್ ಮಿಷನ್ ಯೋಜನೆಯ ಮೂಲಕ ಪ್ರತಿ ಮನೆಗೆ ನಲ್ಲಿ ಸಂಪರ್ಕ ಕಲ್ಪಿಸಲಾಗಿದ್ದು, ನೀರನ್ನು ಮಿತವಾಗಿ ಬಳಸಬೇಕು ಎಂದರು. ಈ ಸಂದರ್ಭದಲ್ಲಿ ಗ್ರಾಮ ಪಂಚಾಯತ್ ಅಧ್ಯಕ್ಷರು, ಉಪಾಧ್ಯಕ್ಷರು, ಸದಸ್ಯರು, ಪಿಡಿಒ ಹಾಗೂ ಸ್ವಸಹಾಯ ಸಂಘದ ಮಹಿಳೆಯರು ಹಾಜರಿದ್ದರು.
ರೋಗಮುಕ್ತ ಸ್ವಸ್ಥ ಜೀವನಕ್ಕಾಗಿ ಉತ್ತಮ ಅಭ್ಯಾಸಗಳನ್ನು ರೂಢಿಸಿಕೊಳ್ಳಬೇಕು ಎಂದು ಗುಂಡ್ಲುಪೇಟೆ ತಾಲ್ಲೂಕು ಪಂಚಾಯತ್ ಕಾರ್ಯನಿರ್ವಾಹಕ ಅಧಿಕಾರಿ ಹೇಳಿದರು. ಗುಂಡ್ಲುಪೇಟೆ ತಾಲ್ಲೂಕಿನ ಗ್ರಾಮ ಪಂಚಾಯತ್‌ನಲ್ಲಿ ಹಮ್ಮಿಕೊಂಡಿದ್ದ ಕಾರ್ಯಕ್ರಮದಲ್ಲಿ ಮಾತನಾಡಿದ ಅವರು ಗ್ರಾಮೀಣ ಭಾಗದ ಜನರು ಶುದ್ಧ ಕುಡಿಯುವ ನೀರು, ನೈರ್ಮಲ್ಯ ಹಾಗೂ ಸ್ವಚ್ಛತೆಗೆ ಆದ್ಯತೆ ನೀಡಬೇಕು. ಜಲ ಜೀವನ್ ಮಿಷನ್ ಯೋಜನೆಯ ಮೂಲಕ ಪ್ರತಿ ಮನೆಗೆ ನಲ್ಲಿ ಸಂಪರ್ಕ ಕಲ್ಪಿಸಲಾಗಿದ್ದು, ನೀರನ್ನು ಮಿತವಾಗಿ ಬಳಸಬೇಕು ಎಂದರು. ಈ ಸಂದರ್ಭದಲ್ಲಿ ಗ್ರಾಮ ಪಂಚಾಯತ್ ಅಧ್ಯಕ್ಷರು, ಉಪಾಧ್ಯಕ್ಷರು, ಸದಸ್ಯರು, ಪಿಡಿಒ ಹಾಗೂ ಸ್ವಸಹಾಯ ಸಂಘದ ಮಹಿಳೆಯರು ಹಾಜರಿದ್ದರು.
ಮಾ. 4ರಂದು ಗುಂಡ್ಲುಪೇಟೆಯಲ್ಲಿ ರಾಷ್ಟ್ರೀಯ ವಿಚಾರ ಸಂಕಿರಣ
ಚಾಮರಾಜನಗರ: ಚಾಮರಾಜನಗರ ವಿಶ್ವವಿದ್ಯಾನಿಲಯ, ವಿಜಿಕ ಸೇವಾ ಸಮಿತಿ ಮತ್ತು ಜೆಎಸ್‌ಎಸ್ ಕಾಲೇಜು ಇವರ ಸಹಯೋಗದಲ್ಲಿ ರಾಷ್ಟ್ರೀಯ ವಿಚಾರ ಸಂಕಿರಣವನ್ನು ಮಾರ್ಚ್ 4ರಂದು ಬೆಳಿಗ್ಗೆ 10.30 ಗಂಟೆಗೆ ಗುಂಡ್ಲುಪೇಟೆಯ ಜೆ.ಎಸ್.ಎಸ್. ಕಾಲೇಜು ಸಭಾಂಗಣದಲ್ಲಿ ಹಮ್ಮಿಕೊಳ್ಳಲಾಗಿದೆ. ವಿಚಾರ ಸಂಕಿರಣದಲ್ಲಿ ಶಿಕ್ಷಣ ತಜ್ಞರು, ಪ್ರಾಧ್ಯಾಪಕರು ಹಾಗೂ ಸಂಶೋಧಕರು ಭಾಗವಹಿಸಿ ವಿಷಯ ಮಂಡಿಸಲಿದ್ದಾರೆ. ಹೆಚ್ಚಿನ ಮಾಹಿತಿಗೆ ಮೊ. 9480771681, 0821–2419362 ಹಾಗೂ ಮೊ. 9844550194 ಸಂಪರ್ಕಿಸಬಹುದು.
ಕೋಳಿ ಸಾಕಾಣಿಕೆ ಉಚಿತ ತರಬೇತಿಗೆ ಅರ್ಜಿ
ಚಾಮರಾಜನಗರ: ಎಸ್.ಬಿ.ಐ ಗ್ರಾಮೀಣ ಸ್ವ ಉದ್ಯೋಗ ತರಬೇತಿ ಸಂಸ್ಥೆ ವತಿಯಿಂದ ಗ್ರಾಮೀಣ ಭಾಗದ ನಿರುದ್ಯೋಗಿ ಯುವಕ, ಯುವತಿಯರಿಗೆ ಉಚಿತ ಕೋಳಿ ಸಾಕಾಣಿಕೆ ತರಬೇತಿಯನ್ನು ನೀಡಲಾಗುವುದು. ಮಾರ್ಚ್ 3 ರಿಂದ ತರಬೇತಿ ನಡೆಯಲಿದ್ದು, 18 ರಿಂದ 45 ವರ್ಷದೊಳಗಿನ ಅರ್ಹರು ಅರ್ಜಿ ಸಲ್ಲಿಸಬಹುದು. ತರಬೇತಿ ಅವಧಿಯಲ್ಲಿ ಊಟ ಮತ್ತು ವಸತಿ ಸೌಲಭ್ಯ ಉಚಿತವಾಗಿರುತ್ತದೆ. ಹೆಚ್ಚಿನ ಮಾಹಿತಿಗೆ ಮೊ. 9606098878, 8722483393, 9739067155 ಸಂಪರ್ಕಿಸಬಹುದು ಎಂದು ಎಸ್.ಬಿ.ಐ ಗ್ರಾಮೀಣ ಸ್ವ ಉದ್ಯೋಗ ತರಬೇತಿ ಸಂಸ್ಥೆಯ ನಿರ್ದೇಶಕರು ಪ್ರಕಟಣೆಯಲ್ಲಿ ತಿಳಿಸಿದ್ದಾರೆ.
